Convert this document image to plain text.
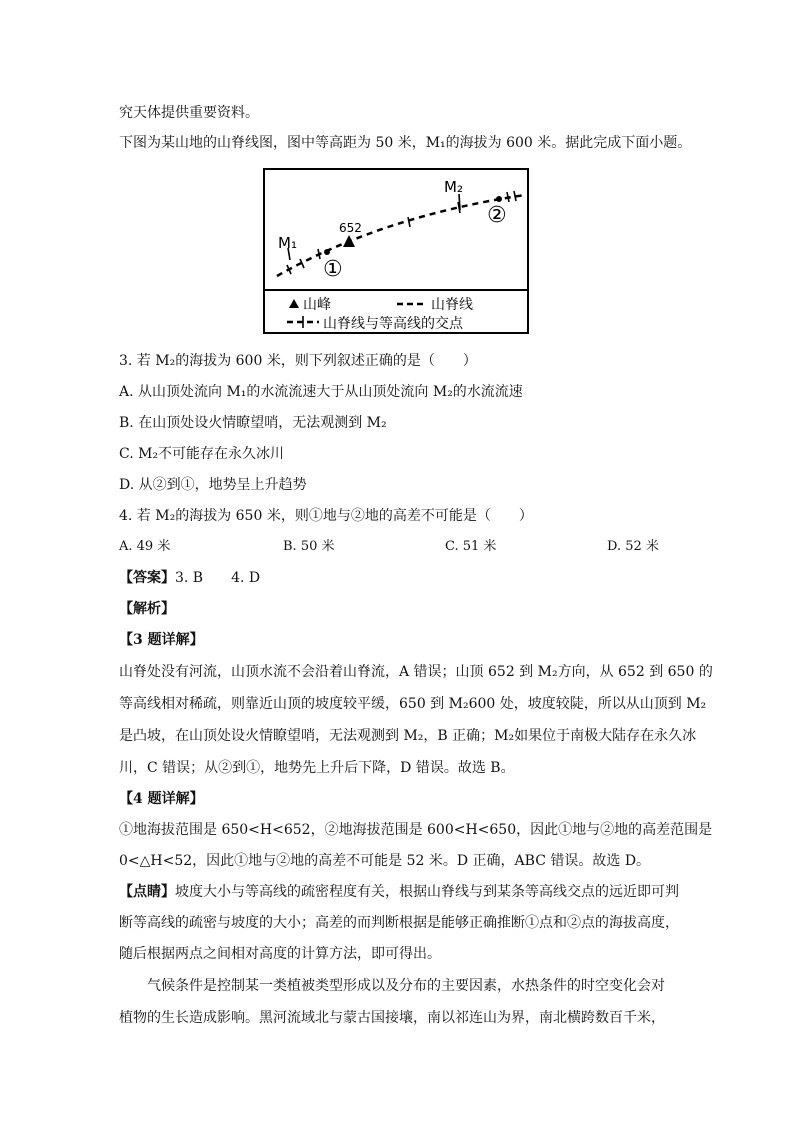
究天体提供重要资料。
下图为某山地的山脊线图，图中等高距为 50 米，M₁的海拔为 600 米。据此完成下面小题。
M₁
M₂
652
①
②
山峰	山脊线
山脊线与等高线的交点
3. 若 M₂的海拔为 600 米，则下列叙述正确的是（　　）
A. 从山顶处流向 M₁的水流流速大于从山顶处流向 M₂的水流流速
B. 在山顶处设火情瞭望哨，无法观测到 M₂
C. M₂不可能存在永久冰川
D. 从②到①，地势呈上升趋势
4. 若 M₂的海拔为 650 米，则①地与②地的高差不可能是（　　）
A. 49 米	B. 50 米	C. 51 米	D. 52 米
【答案】3. B　　4. D
【解析】
【3 题详解】
山脊处没有河流，山顶水流不会沿着山脊流，A 错误；山顶 652 到 M₂方向，从 652 到 650 的
等高线相对稀疏，则靠近山顶的坡度较平缓，650 到 M₂600 处，坡度较陡，所以从山顶到 M₂
是凸坡，在山顶处设火情瞭望哨，无法观测到 M₂，B 正确；M₂如果位于南极大陆存在永久冰
川，C 错误；从②到①，地势先上升后下降，D 错误。故选 B。
【4 题详解】
①地海拔范围是 650<H<652，②地海拔范围是 600<H<650，因此①地与②地的高差范围是
0<△H<52，因此①地与②地的高差不可能是 52 米。D 正确，ABC 错误。故选 D。
【点睛】坡度大小与等高线的疏密程度有关，根据山脊线与到某条等高线交点的远近即可判
断等高线的疏密与坡度的大小；高差的而判断根据是能够正确推断①点和②点的海拔高度，
随后根据两点之间相对高度的计算方法，即可得出。
气候条件是控制某一类植被类型形成以及分布的主要因素，水热条件的时空变化会对
植物的生长造成影响。黑河流域北与蒙古国接壤，南以祁连山为界，南北横跨数百千米，
